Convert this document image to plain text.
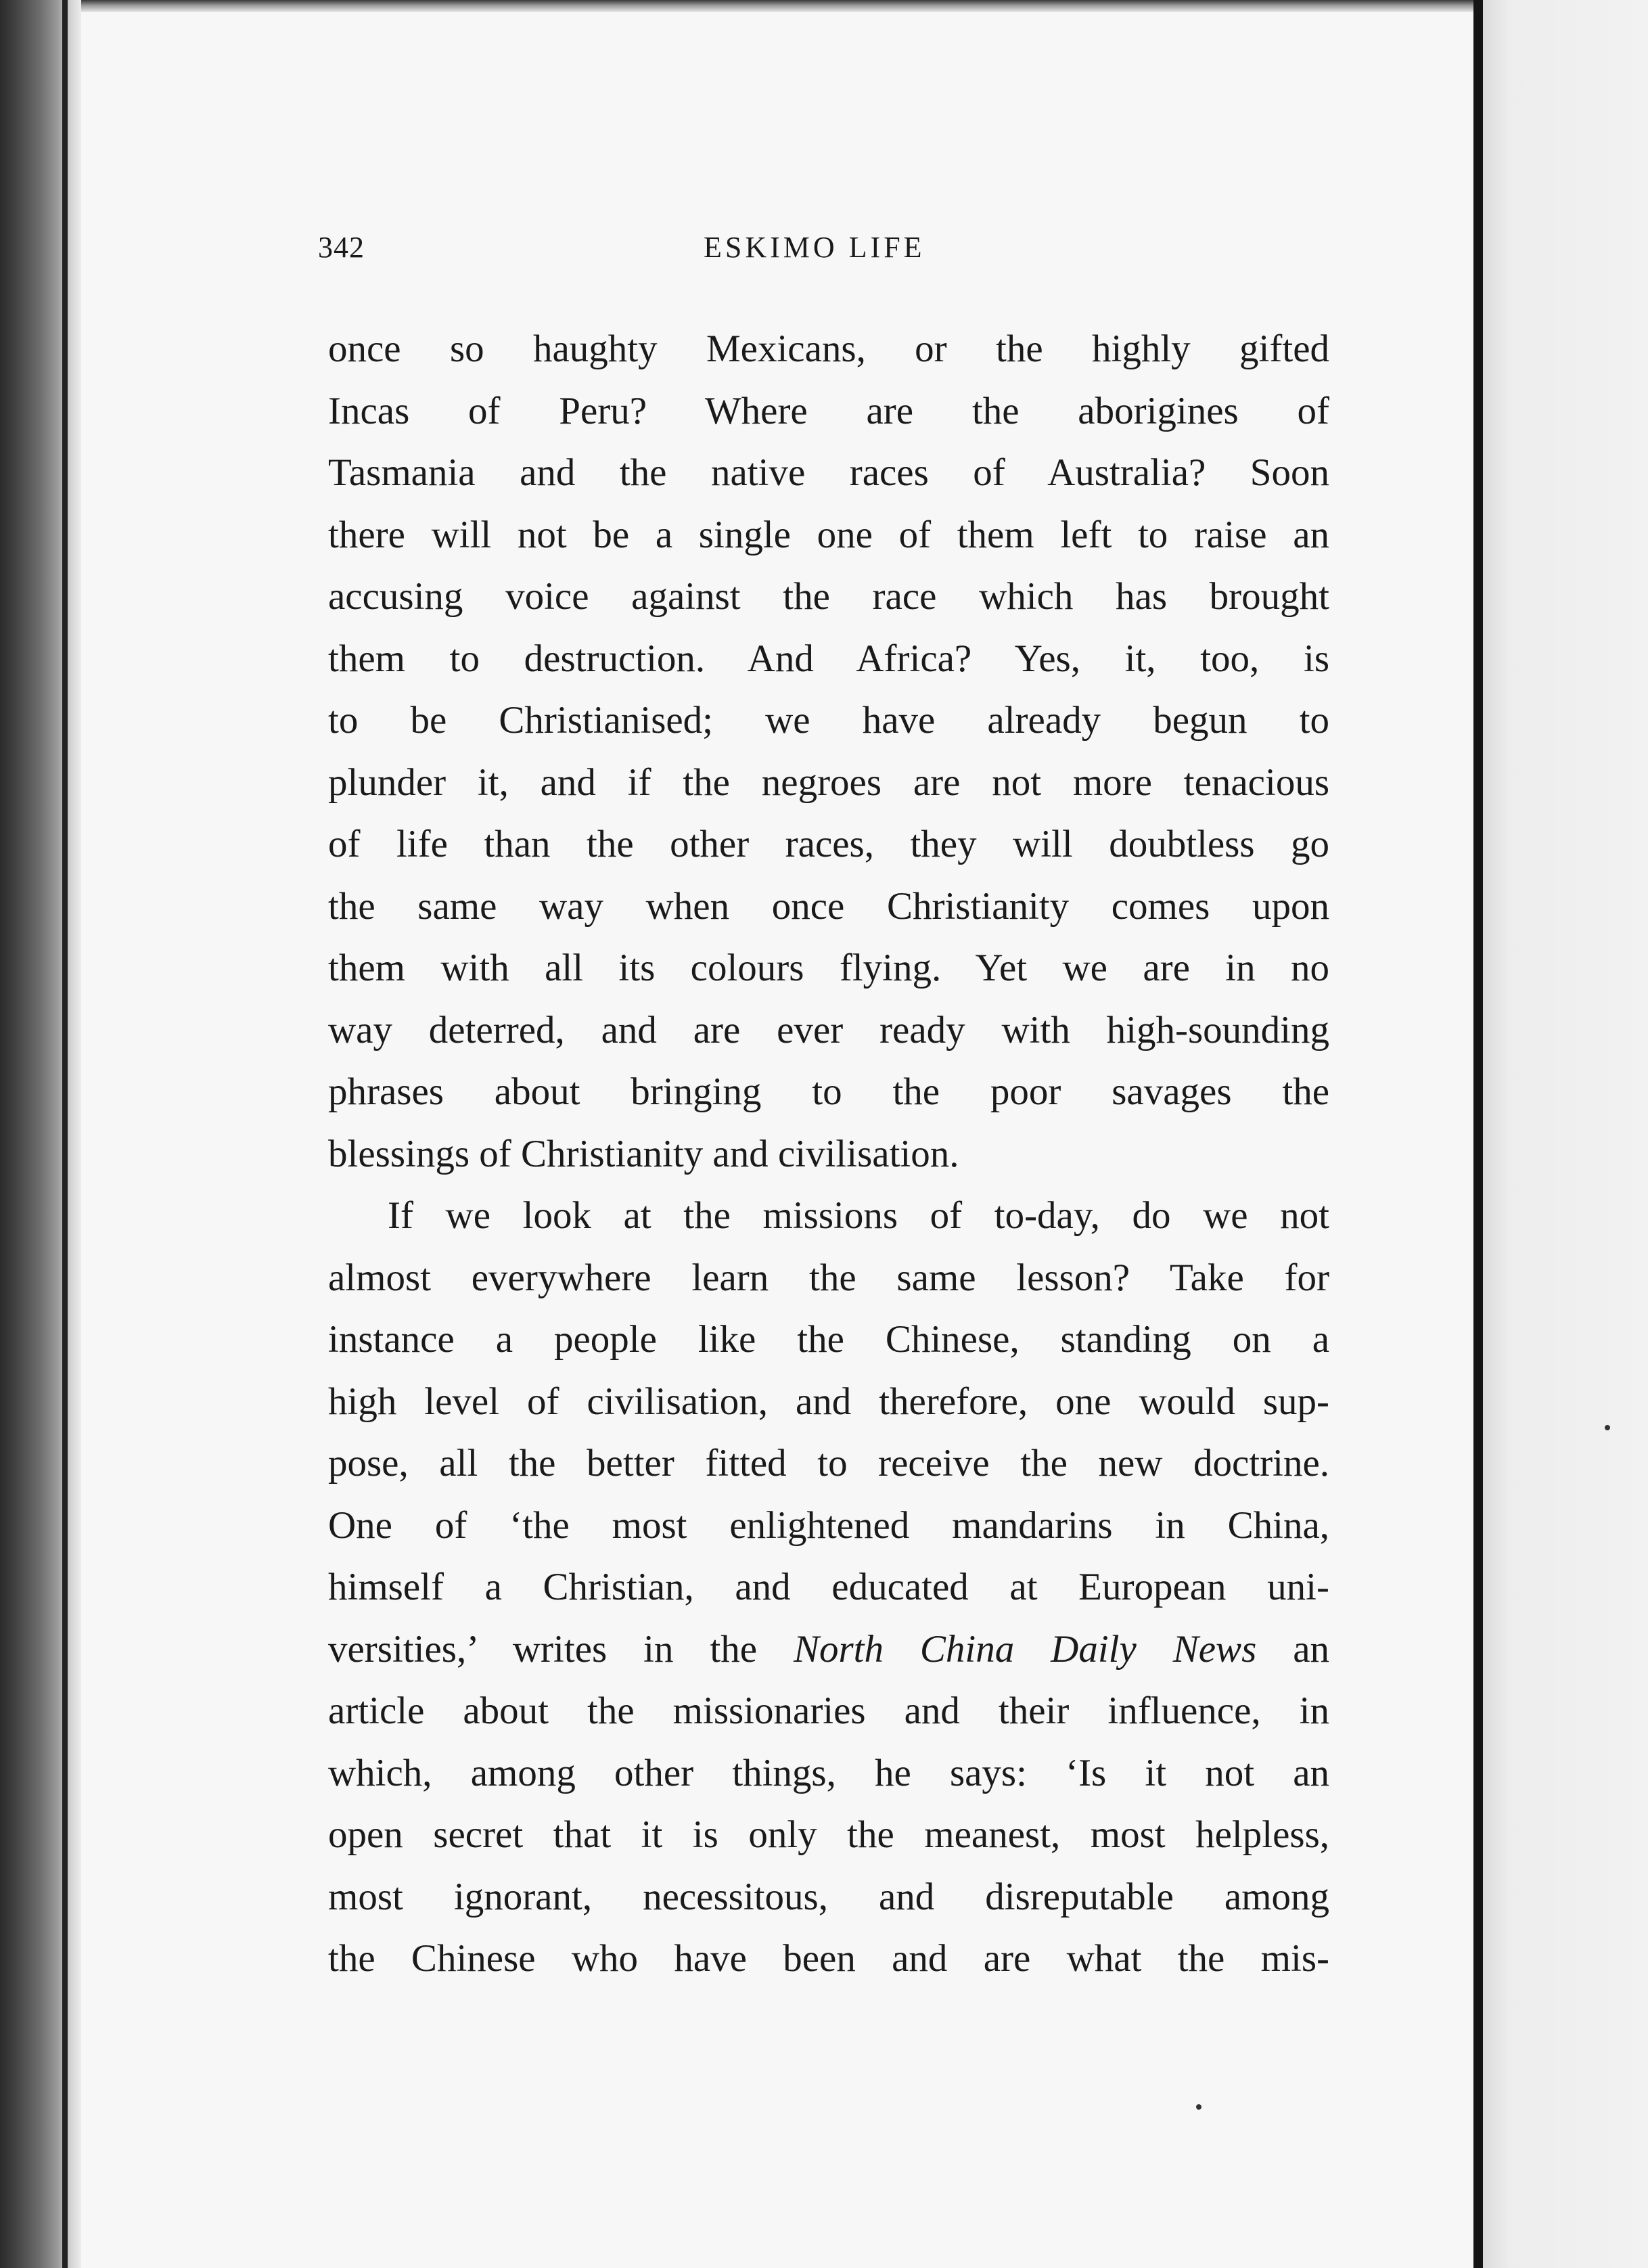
342	ESKIMO LIFE
once so haughty Mexicans, or the highly gifted
Incas of Peru? Where are the aborigines of
Tasmania and the native races of Australia? Soon
there will not be a single one of them left to raise an
accusing voice against the race which has brought
them to destruction. And Africa? Yes, it, too, is
to be Christianised; we have already begun to
plunder it, and if the negroes are not more tenacious
of life than the other races, they will doubtless go
the same way when once Christianity comes upon
them with all its colours flying. Yet we are in no
way deterred, and are ever ready with high-sounding
phrases about bringing to the poor savages the
blessings of Christianity and civilisation.
If we look at the missions of to-day, do we not
almost everywhere learn the same lesson? Take for
instance a people like the Chinese, standing on a
high level of civilisation, and therefore, one would sup-
pose, all the better fitted to receive the new doctrine.
One of ‘the most enlightened mandarins in China,
himself a Christian, and educated at European uni-
versities,’ writes in the North China Daily News an
article about the missionaries and their influence, in
which, among other things, he says: ‘Is it not an
open secret that it is only the meanest, most helpless,
most ignorant, necessitous, and disreputable among
the Chinese who have been and are what the mis-
